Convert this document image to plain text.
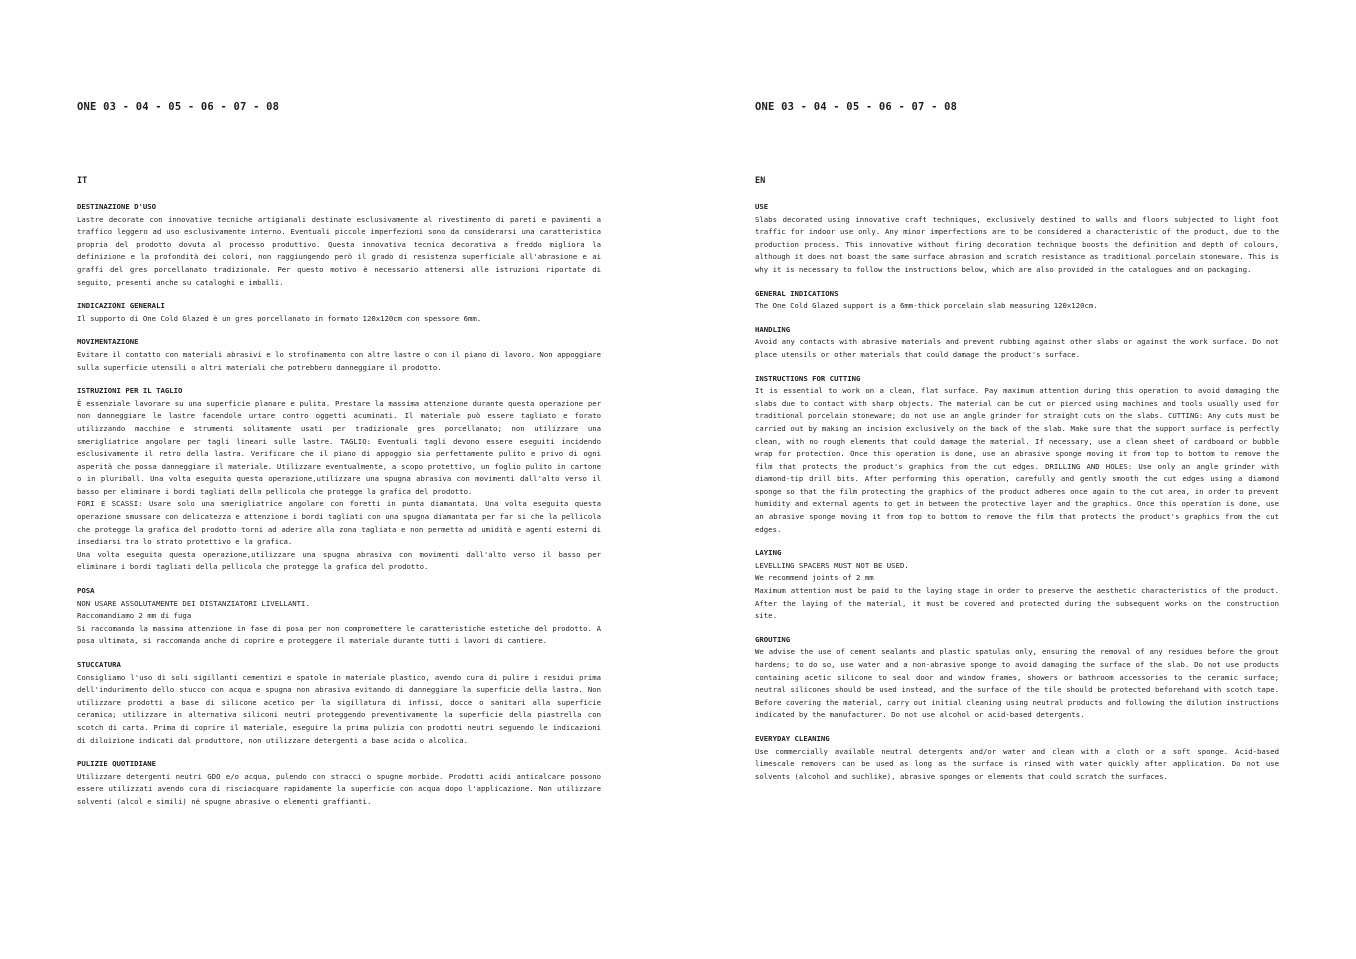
ONE 03 - 04 - 05 - 06 - 07 - 08
IT

DESTINAZIONE D'USO

Lastre decorate con innovative tecniche artigianali destinate esclusivamente al rivestimento di pareti e pavimenti a traffico leggero ad uso esclusivamente interno. Eventuali piccole imperfezioni sono da considerarsi una caratteristica propria del prodotto dovuta al processo produttivo. Questa innovativa tecnica decorativa a freddo migliora la definizione e la profondità dei colori, non raggiungendo però il grado di resistenza superficiale all'abrasione e ai graffi del gres porcellanato tradizionale. Per questo motivo è necessario attenersi alle istruzioni riportate di seguito, presenti anche su cataloghi e imballi.

INDICAZIONI GENERALI

Il supporto di One Cold Glazed è un gres porcellanato in formato 120x120cm con spessore 6mm.

MOVIMENTAZIONE

Evitare il contatto con materiali abrasivi e lo strofinamento con altre lastre o con il piano di lavoro. Non appoggiare sulla superficie utensili o altri materiali che potrebbero danneggiare il prodotto.

ISTRUZIONI PER IL TAGLIO

È essenziale lavorare su una superficie planare e pulita. Prestare la massima attenzione durante questa operazione per non danneggiare le lastre facendole urtare contro oggetti acuminati. Il materiale può essere tagliato e forato utilizzando macchine e strumenti solitamente usati per tradizionale gres porcellanato; non utilizzare una smerigliatrice angolare per tagli lineari sulle lastre. TAGLIO: Eventuali tagli devono essere eseguiti incidendo esclusivamente il retro della lastra. Verificare che il piano di appoggio sia perfettamente pulito e privo di ogni asperità che possa danneggiare il materiale. Utilizzare eventualmente, a scopo protettivo, un foglio pulito in cartone o in pluriball. Una volta eseguita questa operazione,utilizzare una spugna abrasiva con movimenti dall'alto verso il basso per eliminare i bordi tagliati della pellicola che protegge la grafica del prodotto.

FORI E SCASSI: Usare solo una smerigliatrice angolare con foretti in punta diamantata. Una volta eseguita questa operazione smussare con delicatezza e attenzione i bordi tagliati con una spugna diamantata per far si che la pellicola che protegge la grafica del prodotto torni ad aderire alla zona tagliata e non permetta ad umidità e agenti esterni di insediarsi tra lo strato protettivo e la grafica.

Una volta eseguita questa operazione,utilizzare una spugna abrasiva con movimenti dall'alto verso il basso per eliminare i bordi tagliati della pellicola che protegge la grafica del prodotto.

POSA

NON USARE ASSOLUTAMENTE DEI DISTANZIATORI LIVELLANTI.

Raccomandiamo 2 mm di fuga

Si raccomanda la massima attenzione in fase di posa per non compromettere le caratteristiche estetiche del prodotto. A posa ultimata, si raccomanda anche di coprire e proteggere il materiale durante tutti i lavori di cantiere.

STUCCATURA

Consigliamo l'uso di soli sigillanti cementizi e spatole in materiale plastico, avendo cura di pulire i residui prima dell'indurimento dello stucco con acqua e spugna non abrasiva evitando di danneggiare la superficie della lastra. Non utilizzare prodotti a base di silicone acetico per la sigillatura di infissi, docce o sanitari alla superficie ceramica; utilizzare in alternativa siliconi neutri proteggendo preventivamente la superficie della piastrella con scotch di carta. Prima di coprire il materiale, eseguire la prima pulizia con prodotti neutri seguendo le indicazioni di diluizione indicati dal produttore, non utilizzare detergenti a base acida o alcolica.

PULIZIE QUOTIDIANE

Utilizzare detergenti neutri GDO e/o acqua, pulendo con stracci o spugne morbide. Prodotti acidi anticalcare possono essere utilizzati avendo cura di risciacquare rapidamente la superficie con acqua dopo l'applicazione. Non utilizzare solventi (alcol e simili) né spugne abrasive o elementi graffianti.

ONE 03 - 04 - 05 - 06 - 07 - 08
EN

USE

Slabs decorated using innovative craft techniques, exclusively destined to walls and floors subjected to light foot traffic for indoor use only. Any minor imperfections are to be considered a characteristic of the product, due to the production process. This innovative without firing decoration technique boosts the definition and depth of colours, although it does not boast the same surface abrasion and scratch resistance as traditional porcelain stoneware. This is why it is necessary to follow the instructions below, which are also provided in the catalogues and on packaging.

GENERAL INDICATIONS

The One Cold Glazed support is a 6mm-thick porcelain slab measuring 120x120cm.

HANDLING

Avoid any contacts with abrasive materials and prevent rubbing against other slabs or against the work surface. Do not place utensils or other materials that could damage the product's surface.

INSTRUCTIONS FOR CUTTING

It is essential to work on a clean, flat surface. Pay maximum attention during this operation to avoid damaging the slabs due to contact with sharp objects. The material can be cut or pierced using machines and tools usually used for traditional porcelain stoneware; do not use an angle grinder for straight cuts on the slabs. CUTTING: Any cuts must be carried out by making an incision exclusively on the back of the slab. Make sure that the support surface is perfectly clean, with no rough elements that could damage the material. If necessary, use a clean sheet of cardboard or bubble wrap for protection. Once this operation is done, use an abrasive sponge moving it from top to bottom to remove the film that protects the product's graphics from the cut edges. DRILLING AND HOLES: Use only an angle grinder with diamond-tip drill bits. After performing this operation, carefully and gently smooth the cut edges using a diamond sponge so that the film protecting the graphics of the product adheres once again to the cut area, in order to prevent humidity and external agents to get in between the protective layer and the graphics. Once this operation is done, use an abrasive sponge moving it from top to bottom to remove the film that protects the product's graphics from the cut edges.

LAYING

LEVELLING SPACERS MUST NOT BE USED.

We recommend joints of 2 mm

Maximum attention must be paid to the laying stage in order to preserve the aesthetic characteristics of the product. After the laying of the material, it must be covered and protected during the subsequent works on the construction site.

GROUTING

We advise the use of cement sealants and plastic spatulas only, ensuring the removal of any residues before the grout hardens; to do so, use water and a non-abrasive sponge to avoid damaging the surface of the slab. Do not use products containing acetic silicone to seal door and window frames, showers or bathroom accessories to the ceramic surface; neutral silicones should be used instead, and the surface of the tile should be protected beforehand with scotch tape. Before covering the material, carry out initial cleaning using neutral products and following the dilution instructions indicated by the manufacturer. Do not use alcohol or acid-based detergents.

EVERYDAY CLEANING

Use commercially available neutral detergents and/or water and clean with a cloth or a soft sponge. Acid-based limescale removers can be used as long as the surface is rinsed with water quickly after application. Do not use solvents (alcohol and suchlike), abrasive sponges or elements that could scratch the surfaces.
